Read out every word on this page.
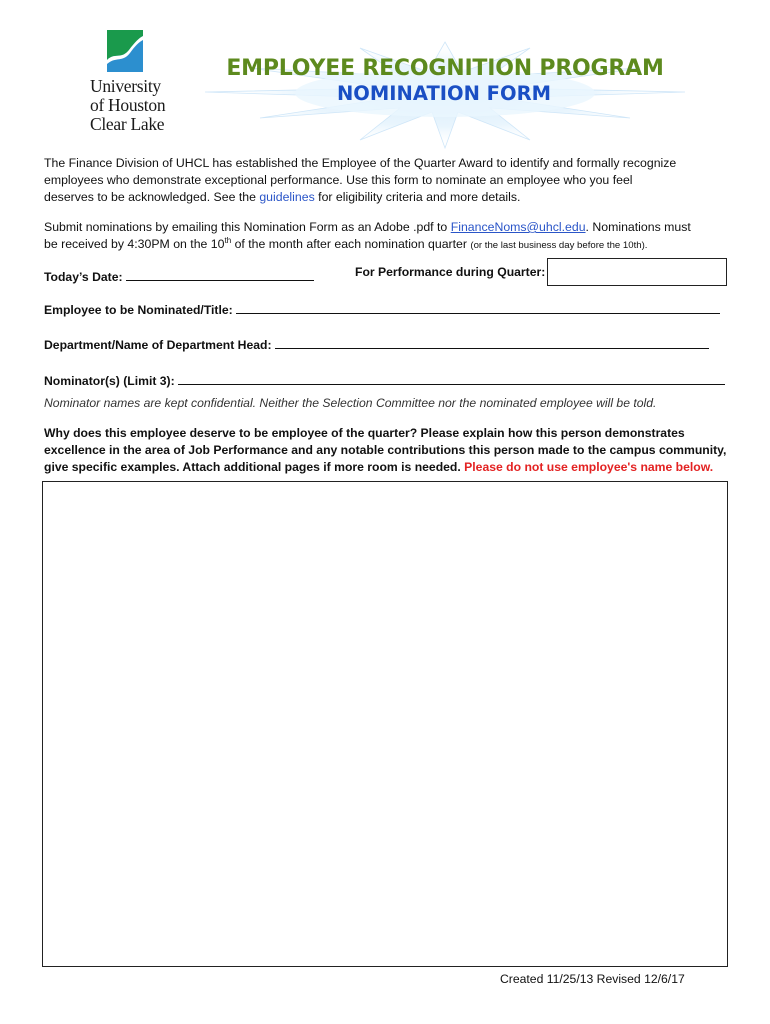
University
of Houston
Clear Lake
EMPLOYEE RECOGNITION PROGRAM
NOMINATION FORM
The Finance Division of UHCL has established the Employee of the Quarter Award to identify and formally recognize
employees who demonstrate exceptional performance. Use this form to nominate an employee who you feel
deserves to be acknowledged. See the guidelines for eligibility criteria and more details.
Submit nominations by emailing this Nomination Form as an Adobe .pdf to FinanceNoms@uhcl.edu. Nominations must
be received by 4:30PM on the 10th of the month after each nomination quarter (or the last business day before the 10th).
Today’s Date:	For Performance during Quarter:
Employee to be Nominated/Title:
Department/Name of Department Head:
Nominator(s) (Limit 3):
Nominator names are kept confidential. Neither the Selection Committee nor the nominated employee will be told.
Why does this employee deserve to be employee of the quarter? Please explain how this person demonstrates
excellence in the area of Job Performance and any notable contributions this person made to the campus community,
give specific examples. Attach additional pages if more room is needed. Please do not use employee's name below.
Created 11/25/13 Revised 12/6/17
